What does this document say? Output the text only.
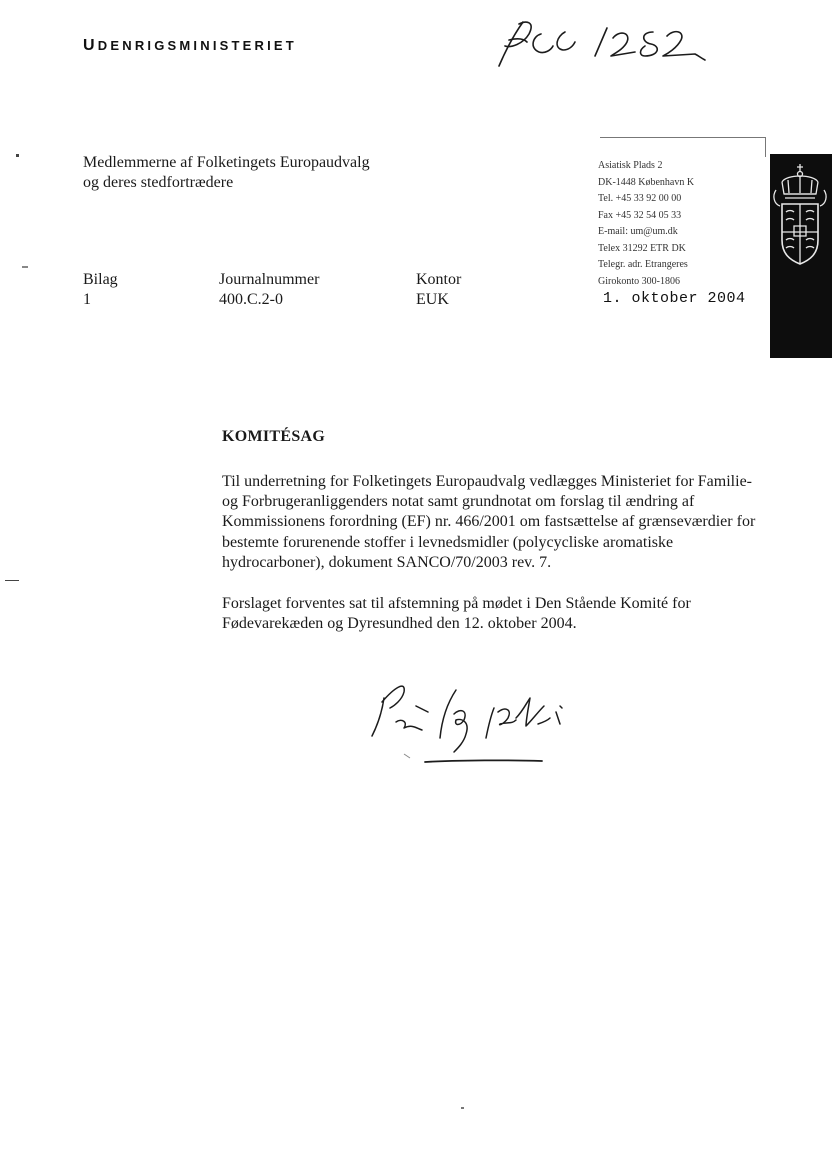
UDENRIGSMINISTERIET
Medlemmerne af Folketingets Europaudvalg
og deres stedfortrædere
Asiatisk Plads 2
DK-1448 København K
Tel. +45 33 92 00 00
Fax +45 32 54 05 33
E-mail: um@um.dk
Telex 31292 ETR DK
Telegr. adr. Etrangeres
Girokonto 300-1806
1. oktober 2004
Bilag
1
Journalnummer
400.C.2-0
Kontor
EUK
KOMITÉSAG
Til underretning for Folketingets Europaudvalg vedlægges Ministeriet for Familie- og Forbrugeranliggenders notat samt grundnotat om forslag til ændring af Kommissionens forordning (EF) nr. 466/2001 om fastsættelse af grænseværdier for bestemte forurenende stoffer i levnedsmidler (polycycliske aromatiske hydrocarboner), dokument SANCO/70/2003 rev. 7.
Forslaget forventes sat til afstemning på mødet i Den Stående Komité for Fødevarekæden og Dyresundhed den 12. oktober 2004.
